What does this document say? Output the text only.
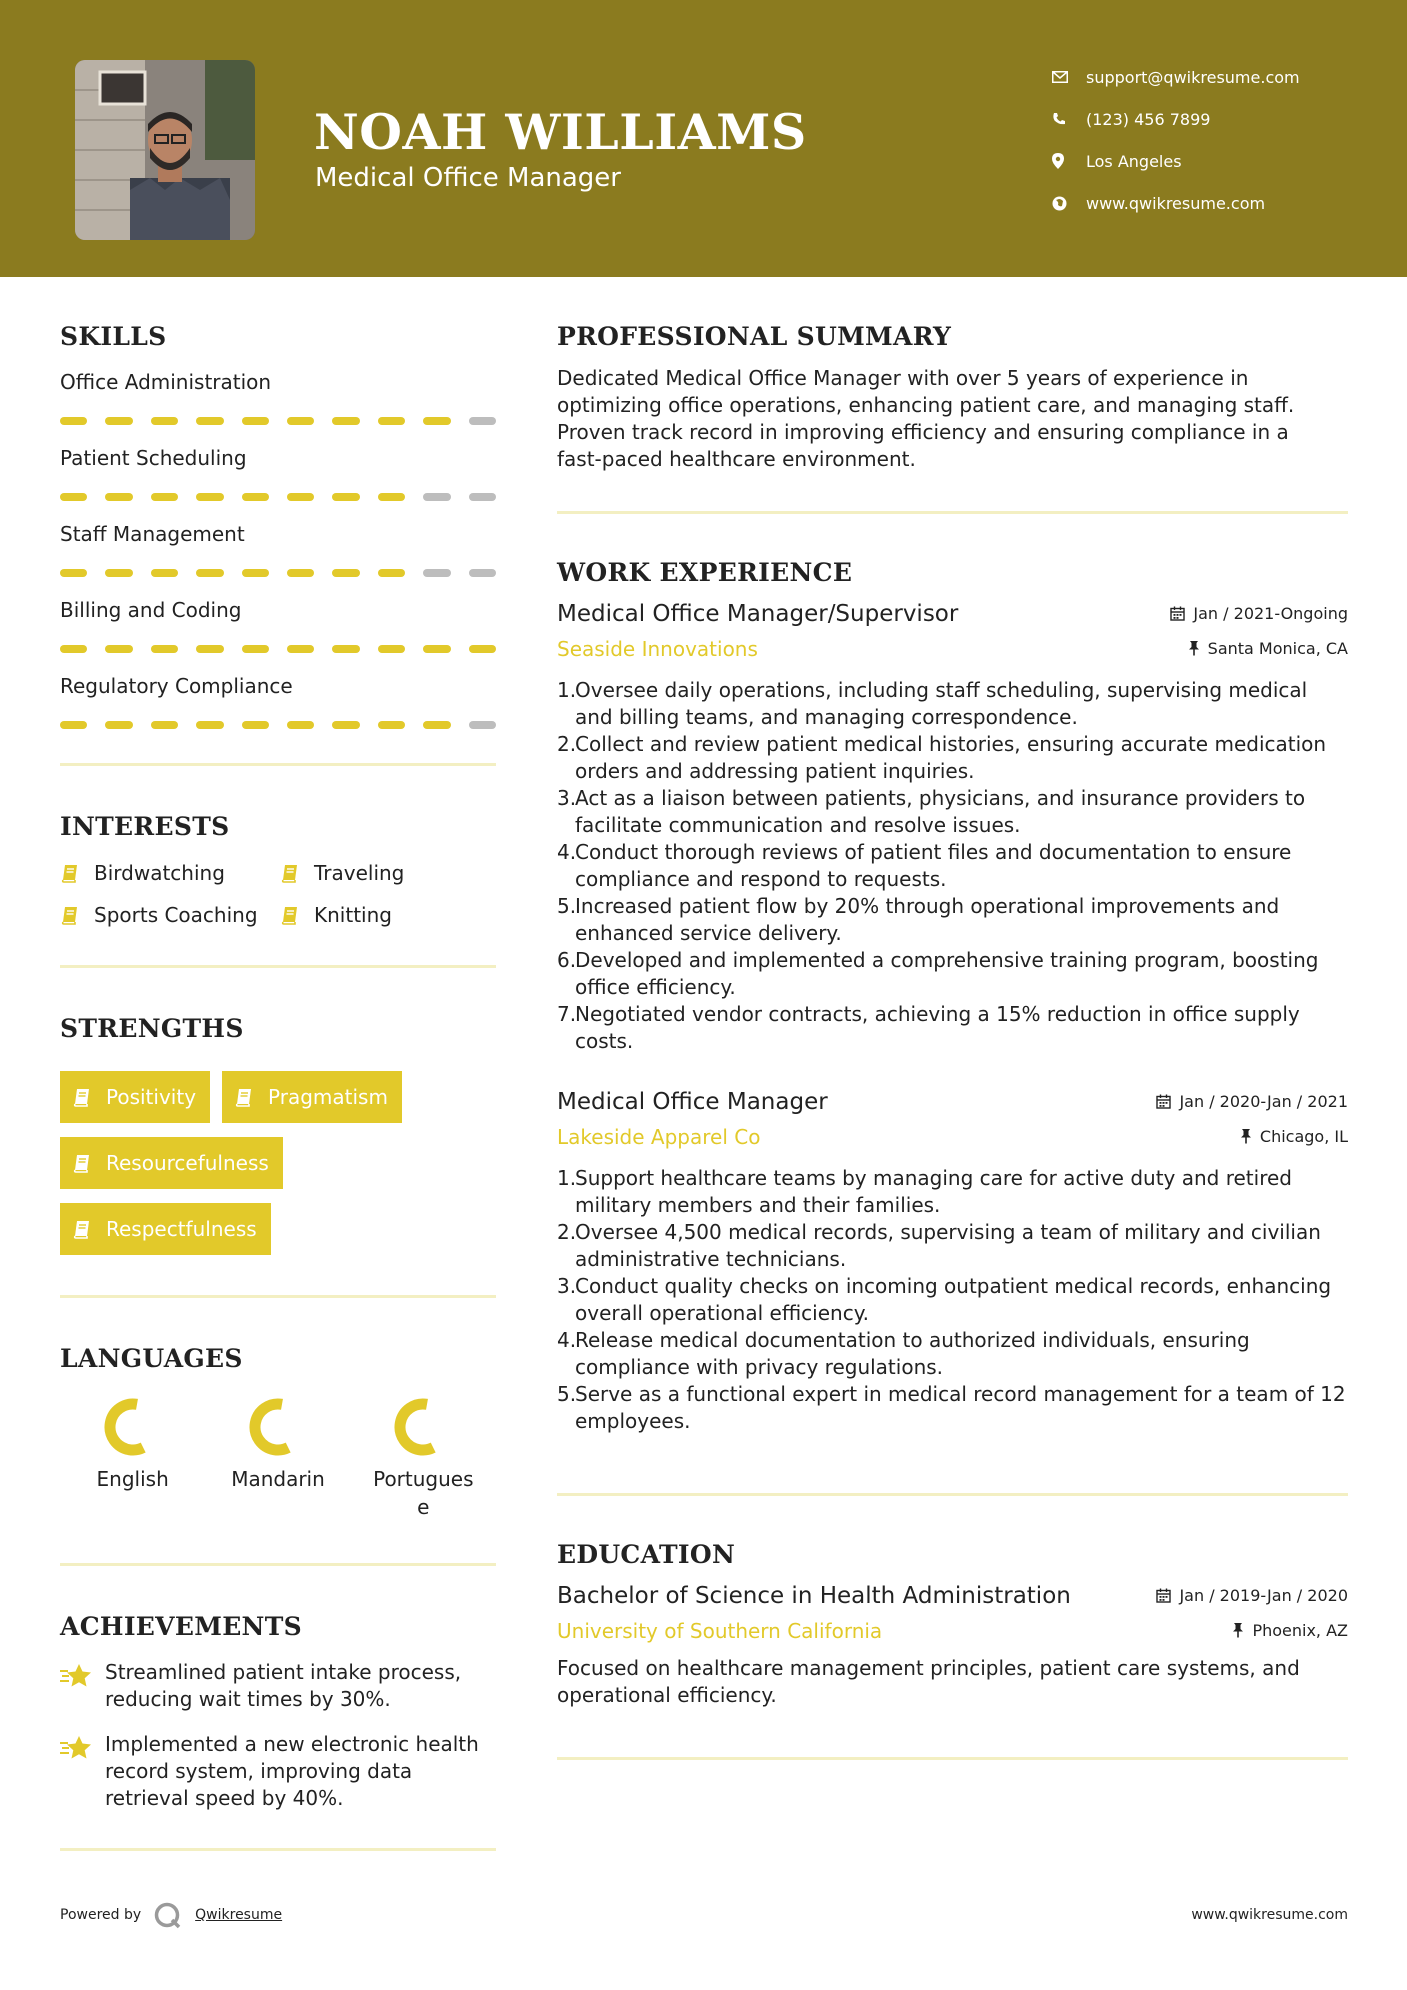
NOAH WILLIAMS
Medical Office Manager
support@qwikresume.com
(123) 456 7899
Los Angeles
www.qwikresume.com
SKILLS
Office Administration
Patient Scheduling
Staff Management
Billing and Coding
Regulatory Compliance
INTERESTS
Birdwatching	Traveling
Sports Coaching	Knitting
STRENGTHS
Positivity	Pragmatism
Resourcefulness
Respectfulness
LANGUAGES
English	Mandarin	Portugues
e
ACHIEVEMENTS
Streamlined patient intake process, reducing wait times by 30%.
Implemented a new electronic health record system, improving data retrieval speed by 40%.
PROFESSIONAL SUMMARY
Dedicated Medical Office Manager with over 5 years of experience in optimizing office operations, enhancing patient care, and managing staff. Proven track record in improving efficiency and ensuring compliance in a fast-paced healthcare environment.
WORK EXPERIENCE
Medical Office Manager/Supervisor	Jan / 2021-Ongoing
Seaside Innovations	Santa Monica, CA
1.
Oversee daily operations, including staff scheduling, supervising medical and billing teams, and managing correspondence.
2.
Collect and review patient medical histories, ensuring accurate medication orders and addressing patient inquiries.
3.
Act as a liaison between patients, physicians, and insurance providers to facilitate communication and resolve issues.
4.
Conduct thorough reviews of patient files and documentation to ensure compliance and respond to requests.
5.
Increased patient flow by 20% through operational improvements and enhanced service delivery.
6.
Developed and implemented a comprehensive training program, boosting office efficiency.
7.
Negotiated vendor contracts, achieving a 15% reduction in office supply costs.
Medical Office Manager	Jan / 2020-Jan / 2021
Lakeside Apparel Co	Chicago, IL
1.
Support healthcare teams by managing care for active duty and retired military members and their families.
2.
Oversee 4,500 medical records, supervising a team of military and civilian administrative technicians.
3.
Conduct quality checks on incoming outpatient medical records, enhancing overall operational efficiency.
4.
Release medical documentation to authorized individuals, ensuring compliance with privacy regulations.
5.
Serve as a functional expert in medical record management for a team of 12 employees.
EDUCATION
Bachelor of Science in Health Administration	Jan / 2019-Jan / 2020
University of Southern California	Phoenix, AZ
Focused on healthcare management principles, patient care systems, and operational efficiency.
Powered by	Qwikresume	www.qwikresume.com
